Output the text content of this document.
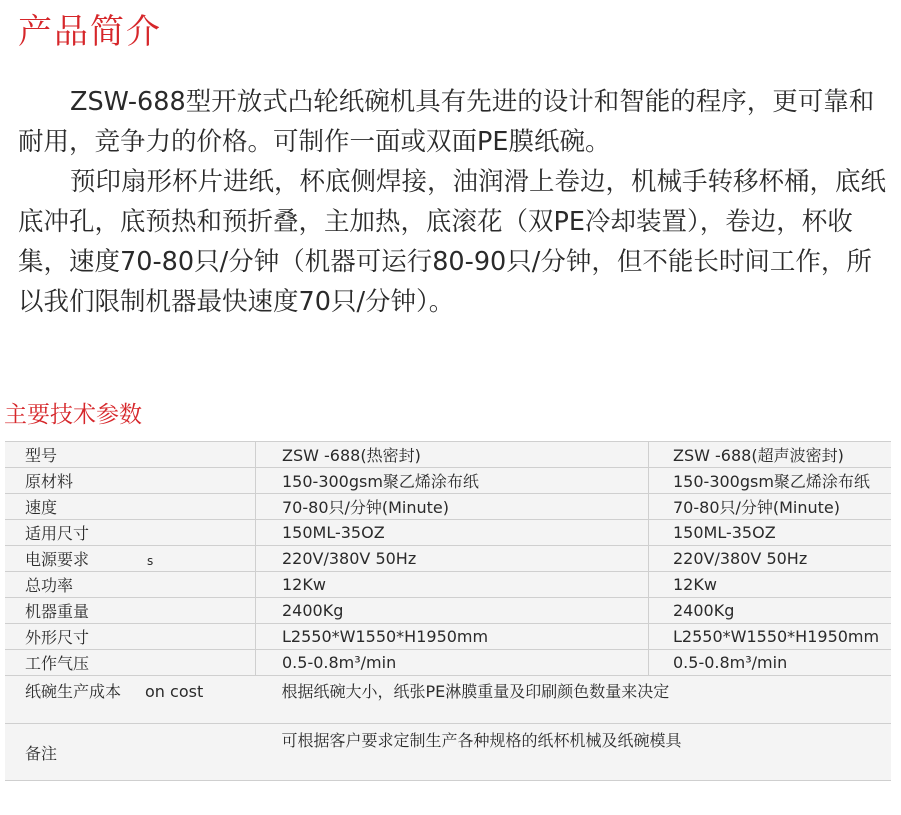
产品简介

ZSW-688型开放式凸轮纸碗机具有先进的设计和智能的程序，更可靠和耐用，竞争力的价格。可制作一面或双面PE膜纸碗。

预印扇形杯片进纸，杯底侧焊接，油润滑上卷边，机械手转移杯桶，底纸底冲孔，底预热和预折叠，主加热，底滚花（双PE冷却装置），卷边，杯收集，速度70-80只/分钟（机器可运行80-90只/分钟，但不能长时间工作，所以我们限制机器最快速度70只/分钟）。

主要技术参数
型号	ZSW -688(热密封)	ZSW -688(超声波密封)
原材料	150-300gsm聚乙烯涂布纸	150-300gsm聚乙烯涂布纸
速度	70-80只/分钟(Minute)	70-80只/分钟(Minute)
适用尺寸	150ML-35OZ	150ML-35OZ
电源要求 s	220V/380V 50Hz	220V/380V 50Hz
总功率	12Kw	12Kw
机器重量	2400Kg	2400Kg
外形尺寸	L2550*W1550*H1950mm	L2550*W1550*H1950mm
工作气压	0.5-0.8m³/min	0.5-0.8m³/min
纸碗生产成本 on cost	根据纸碗大小，纸张PE淋膜重量及印刷颜色数量来决定	
备注	可根据客户要求定制生产各种规格的纸杯机械及纸碗模具	
